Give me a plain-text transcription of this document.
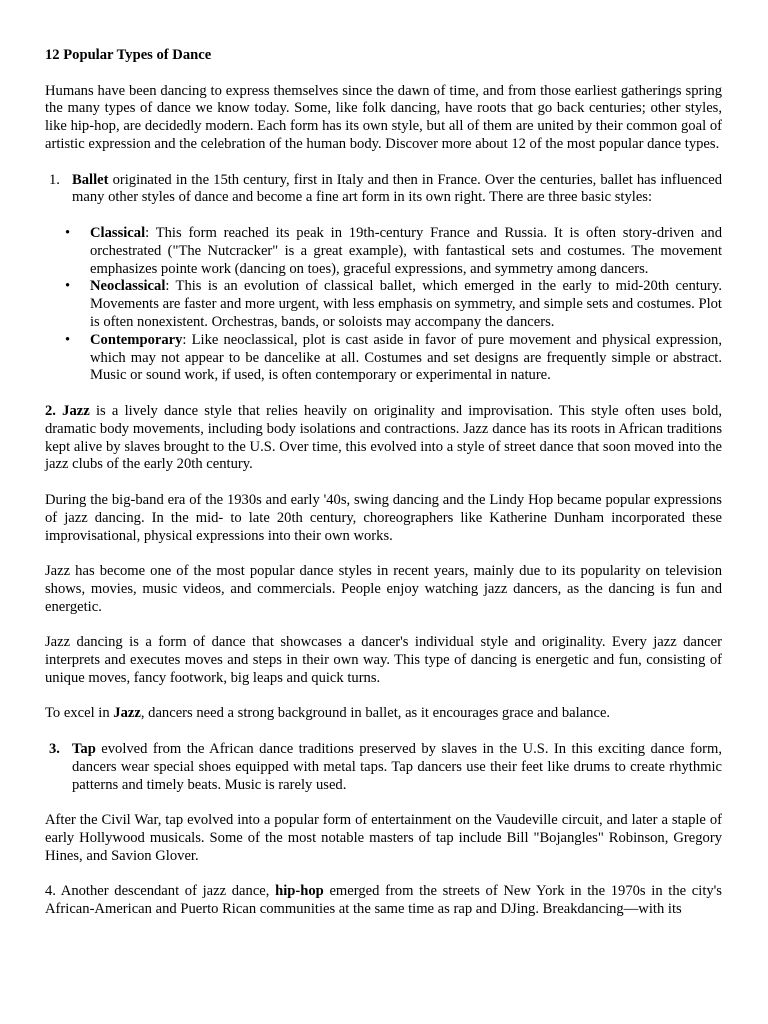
12 Popular Types of Dance

Humans have been dancing to express themselves since the dawn of time, and from those earliest gatherings spring the many types of dance we know today. Some, like folk dancing, have roots that go back centuries; other styles, like hip-hop, are decidedly modern. Each form has its own style, but all of them are united by their common goal of artistic expression and the celebration of the human body. Discover more about 12 of the most popular dance types.

1. Ballet originated in the 15th century, first in Italy and then in France. Over the centuries, ballet has influenced many other styles of dance and become a fine art form in its own right. There are three basic styles:
• Classical: This form reached its peak in 19th-century France and Russia. It is often story-driven and orchestrated ("The Nutcracker" is a great example), with fantastical sets and costumes. The movement emphasizes pointe work (dancing on toes), graceful expressions, and symmetry among dancers.
• Neoclassical: This is an evolution of classical ballet, which emerged in the early to mid-20th century. Movements are faster and more urgent, with less emphasis on symmetry, and simple sets and costumes. Plot is often nonexistent. Orchestras, bands, or soloists may accompany the dancers.
• Contemporary: Like neoclassical, plot is cast aside in favor of pure movement and physical expression, which may not appear to be dancelike at all. Costumes and set designs are frequently simple or abstract. Music or sound work, if used, is often contemporary or experimental in nature.

2. Jazz is a lively dance style that relies heavily on originality and improvisation. This style often uses bold, dramatic body movements, including body isolations and contractions. Jazz dance has its roots in African traditions kept alive by slaves brought to the U.S. Over time, this evolved into a style of street dance that soon moved into the jazz clubs of the early 20th century.

During the big-band era of the 1930s and early '40s, swing dancing and the Lindy Hop became popular expressions of jazz dancing. In the mid- to late 20th century, choreographers like Katherine Dunham incorporated these improvisational, physical expressions into their own works.

Jazz has become one of the most popular dance styles in recent years, mainly due to its popularity on television shows, movies, music videos, and commercials. People enjoy watching jazz dancers, as the dancing is fun and energetic.

Jazz dancing is a form of dance that showcases a dancer's individual style and originality. Every jazz dancer interprets and executes moves and steps in their own way. This type of dancing is energetic and fun, consisting of unique moves, fancy footwork, big leaps and quick turns.

To excel in Jazz, dancers need a strong background in ballet, as it encourages grace and balance.

3. Tap evolved from the African dance traditions preserved by slaves in the U.S. In this exciting dance form, dancers wear special shoes equipped with metal taps. Tap dancers use their feet like drums to create rhythmic patterns and timely beats. Music is rarely used.

After the Civil War, tap evolved into a popular form of entertainment on the Vaudeville circuit, and later a staple of early Hollywood musicals. Some of the most notable masters of tap include Bill "Bojangles" Robinson, Gregory Hines, and Savion Glover.

4. Another descendant of jazz dance, hip-hop emerged from the streets of New York in the 1970s in the city's African-American and Puerto Rican communities at the same time as rap and DJing. Breakdancing—with its
